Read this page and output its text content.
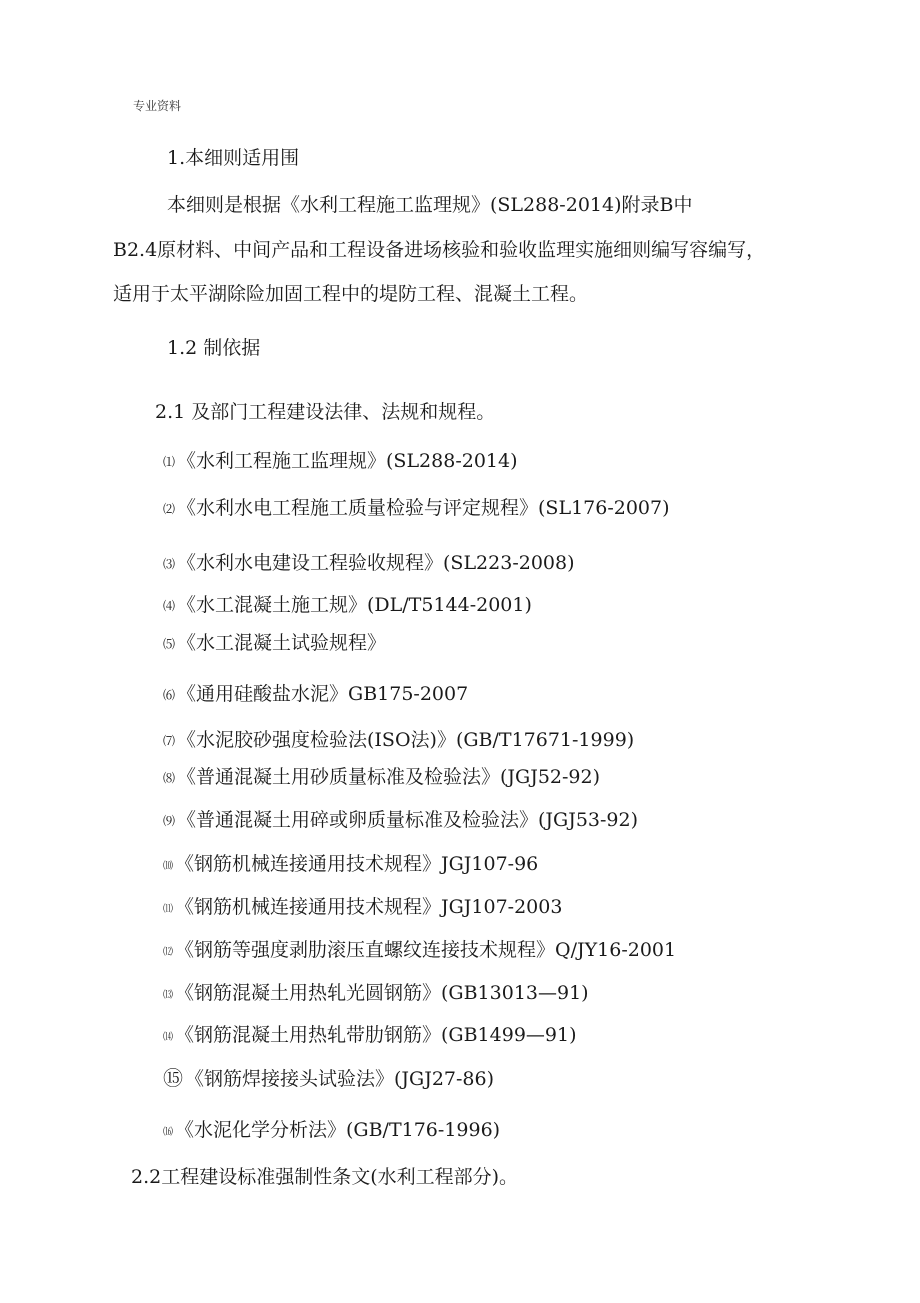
专业资料
1.本细则适用围
本细则是根据《水利工程施工监理规》(SL288-2014)附录B中
B2.4原材料、中间产品和工程设备进场核验和验收监理实施细则编写容编写，
适用于太平湖除险加固工程中的堤防工程、混凝土工程。
1.2 制依据
2.1 及部门工程建设法律、法规和规程。
⑴ 《水利工程施工监理规》(SL288-2014)
⑵ 《水利水电工程施工质量检验与评定规程》(SL176-2007)
⑶ 《水利水电建设工程验收规程》(SL223-2008)
⑷ 《水工混凝土施工规》(DL/T5144-2001)
⑸ 《水工混凝土试验规程》
⑹ 《通用硅酸盐水泥》GB175-2007
⑺ 《水泥胶砂强度检验法(ISO法)》(GB/T17671-1999)
⑻ 《普通混凝土用砂质量标准及检验法》(JGJ52-92)
⑼ 《普通混凝土用碎或卵质量标准及检验法》(JGJ53-92)
⑽ 《钢筋机械连接通用技术规程》JGJ107-96
⑾ 《钢筋机械连接通用技术规程》JGJ107-2003
⑿ 《钢筋等强度剥肋滚压直螺纹连接技术规程》Q/JY16-2001
⒀ 《钢筋混凝土用热轧光圆钢筋》(GB13013—91)
⒁ 《钢筋混凝土用热轧带肋钢筋》(GB1499—91)
⑮ 《钢筋焊接接头试验法》(JGJ27-86)
⒃ 《水泥化学分析法》(GB/T176-1996)
2.2工程建设标准强制性条文(水利工程部分)。
